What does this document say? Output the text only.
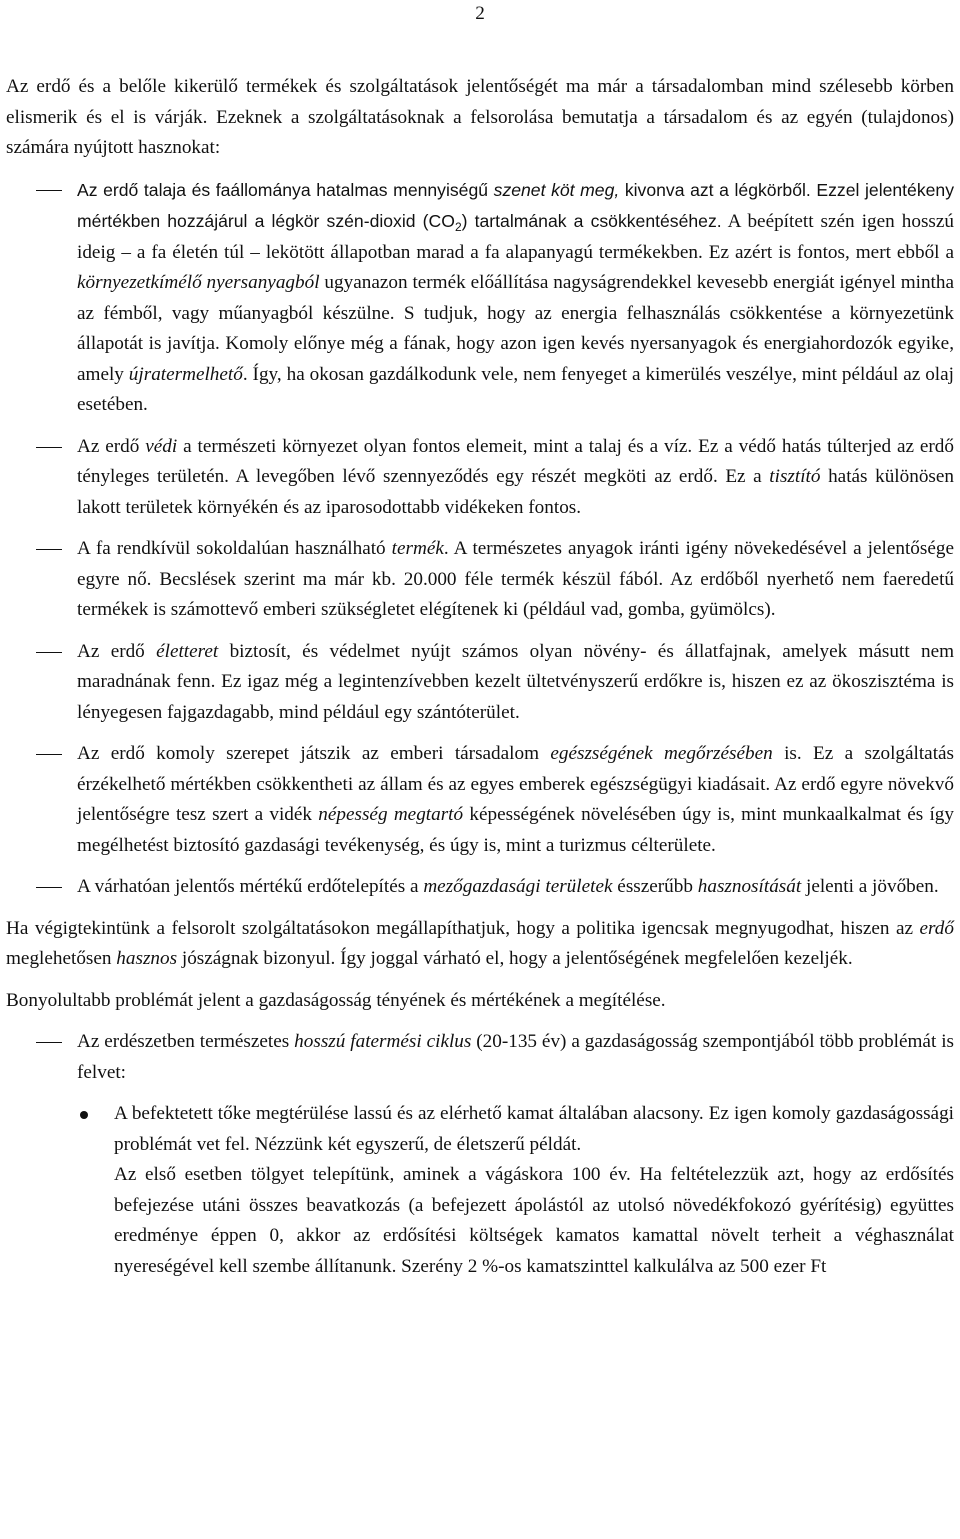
2

Az erdő és a belőle kikerülő termékek és szolgáltatások jelentőségét ma már a társadalomban mind szélesebb körben elismerik és el is várják. Ezeknek a szolgáltatásoknak a felsorolása bemutatja a társadalom és az egyén (tulajdonos) számára nyújtott hasznokat:

Az erdő talaja és faállománya hatalmas mennyiségű szenet köt meg, kivonva azt a légkörből. Ezzel jelentékeny mértékben hozzájárul a légkör szén-dioxid $(CO_2)$ tartalmának a csökkentéséhez. A beépített szén igen hosszú ideig – a fa életén túl – lekötött állapotban marad a fa alapanyagú termékekben. Ez azért is fontos, mert ebből a környezetkímélő nyersanyagból ugyanazon termék előállítása nagyságrendekkel kevesebb energiát igényel mintha az fémből, vagy műanyagból készülne. S tudjuk, hogy az energia felhasználás csökkentése a környezetünk állapotát is javítja. Komoly előnye még a fának, hogy azon igen kevés nyersanyagok és energiahordozók egyike, amely újratermelhető. Így, ha okosan gazdálkodunk vele, nem fenyeget a kimerülés veszélye, mint például az olaj esetében.

Az erdő védi a természeti környezet olyan fontos elemeit, mint a talaj és a víz. Ez a védő hatás túlterjed az erdő tényleges területén. A levegőben lévő szennyeződés egy részét megköti az erdő. Ez a tisztító hatás különösen lakott területek környékén és az iparosodottabb vidékeken fontos.

A fa rendkívül sokoldalúan használható termék. A természetes anyagok iránti igény növekedésével a jelentősége egyre nő. Becslések szerint ma már kb. 20.000 féle termék készül fából. Az erdőből nyerhető nem faeredetű termékek is számottevő emberi szükségletet elégítenek ki (például vad, gomba, gyümölcs).

Az erdő életteret biztosít, és védelmet nyújt számos olyan növény- és állatfajnak, amelyek másutt nem maradnának fenn. Ez igaz még a legintenzívebben kezelt ültetvényszerű erdőkre is, hiszen ez az ökoszisztéma is lényegesen fajgazdagabb, mind például egy szántóterület.

Az erdő komoly szerepet játszik az emberi társadalom egészségének megőrzésében is. Ez a szolgáltatás érzékelhető mértékben csökkentheti az állam és az egyes emberek egészségügyi kiadásait. Az erdő egyre növekvő jelentőségre tesz szert a vidék népesség megtartó képességének növelésében úgy is, mint munkaalkalmat és így megélhetést biztosító gazdasági tevékenység, és úgy is, mint a turizmus célterülete.

A várhatóan jelentős mértékű erdőtelepítés a mezőgazdasági területek ésszerűbb hasznosítását jelenti a jövőben.

Ha végigtekintünk a felsorolt szolgáltatásokon megállapíthatjuk, hogy a politika igencsak megnyugodhat, hiszen az erdő meglehetősen hasznos jószágnak bizonyul. Így joggal várható el, hogy a jelentőségének megfelelően kezeljék.

Bonyolultabb problémát jelent a gazdaságosság tényének és mértékének a megítélése.

Az erdészetben természetes hosszú fatermési ciklus (20-135 év) a gazdaságosság szempontjából több problémát is felvet:

A befektetett tőke megtérülése lassú és az elérhető kamat általában alacsony. Ez igen komoly gazdaságossági problémát vet fel. Nézzünk két egyszerű, de életszerű példát.

Az első esetben tölgyet telepítünk, aminek a vágáskora 100 év. Ha feltételezzük azt, hogy az erdősítés befejezése utáni összes beavatkozás (a befejezett ápolástól az utolsó növedékfokozó gyérítésig) együttes eredménye éppen 0, akkor az erdősítési költségek kamatos kamattal növelt terheit a véghasználat nyereségével kell szembe állítanunk. Szerény 2 %-os kamatszinttel kalkulálva az 500 ezer Ft
